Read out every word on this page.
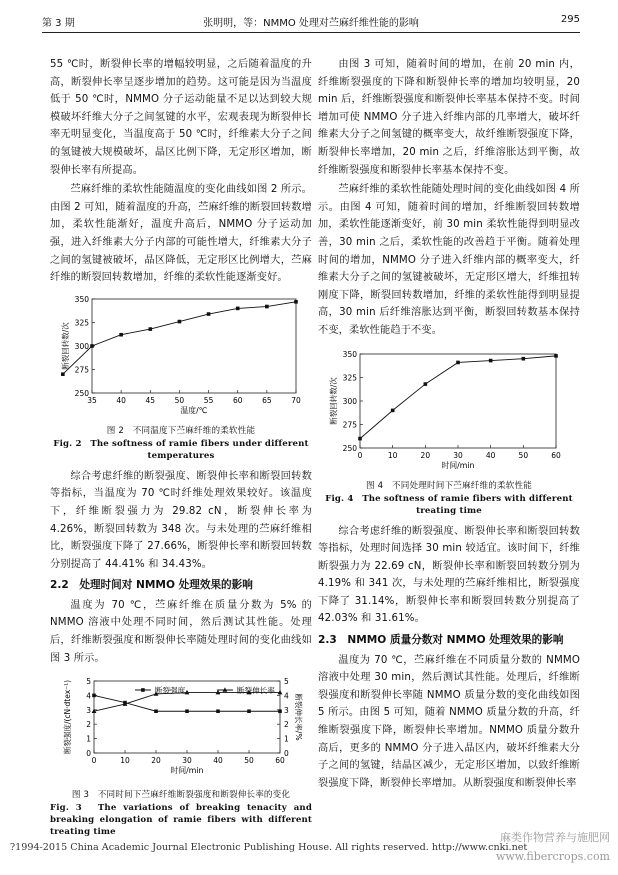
第 3 期	张明明，等：NMMO 处理对苎麻纤维性能的影响	295

55 ℃时，断裂伸长率的增幅较明显，之后随着温度的升高，断裂伸长率呈逐步增加的趋势。这可能是因为当温度低于 50 ℃时，NMMO 分子运动能量不足以达到较大规模破坏纤维大分子之间氢键的水平，宏观表现为断裂伸长率无明显变化，当温度高于 50 ℃时，纤维素大分子之间的氢键被大规模破坏，晶区比例下降，无定形区增加，断裂伸长率有所提高。

苎麻纤维的柔软性能随温度的变化曲线如图 2 所示。由图 2 可知，随着温度的升高，苎麻纤维的断裂回转数增加，柔软性能渐好，温度升高后，NMMO 分子运动加强，进入纤维素大分子内部的可能性增大，纤维素大分子之间的氢键被破坏，晶区降低，无定形区比例增大，苎麻纤维的断裂回转数增加，纤维的柔软性能逐渐变好。

35	40	45	50	55	60	65	70
250
275
300
325
350
温度/℃
断裂回转数/次

图 2　不同温度下苎麻纤维的柔软性能

Fig. 2　The softness of ramie fibers under different temperatures

综合考虑纤维的断裂强度、断裂伸长率和断裂回转数等指标，当温度为 70 ℃时纤维处理效果较好。该温度下，纤维断裂强力为 29.82 cN，断裂伸长率为 4.26%，断裂回转数为 348 次。与未处理的苎麻纤维相比，断裂强度下降了 27.66%，断裂伸长率和断裂回转数分别提高了 44.41% 和 34.43%。

2.2　处理时间对 NMMO 处理效果的影响

温度为 70 ℃，苎麻纤维在质量分数为 5% 的 NMMO 溶液中处理不同时间，然后测试其性能。处理后，纤维断裂强度和断裂伸长率随处理时间的变化曲线如图 3 所示。

0	10	20	30	40	50	60
0
1
2
3
4
5
0
1
2
3
4
5
时间/min
断裂强度/(cN·dtex⁻¹)	断裂伸长率/%
断裂强度	断裂伸长率

图 3　不同时间下苎麻纤维断裂强度和断裂伸长率的变化

Fig. 3　The variations of breaking tenacity and breaking elongation of ramie fibers with different treating time

由图 3 可知，随着时间的增加，在前 20 min 内，纤维断裂强度的下降和断裂伸长率的增加均较明显，20 min 后，纤维断裂强度和断裂伸长率基本保持不变。时间增加可使 NMMO 分子进入纤维内部的几率增大，破坏纤维素大分子之间氢键的概率变大，故纤维断裂强度下降，断裂伸长率增加，20 min 之后，纤维溶胀达到平衡，故纤维断裂强度和断裂伸长率基本保持不变。

苎麻纤维的柔软性能随处理时间的变化曲线如图 4 所示。由图 4 可知，随着时间的增加，纤维断裂回转数增加，柔软性能逐渐变好，前 30 min 柔软性能得到明显改善，30 min 之后，柔软性能的改善趋于平衡。随着处理时间的增加，NMMO 分子进入纤维内部的概率变大，纤维素大分子之间的氢键被破坏，无定形区增大，纤维扭转刚度下降，断裂回转数增加，纤维的柔软性能得到明显提高，30 min 后纤维溶胀达到平衡，断裂回转数基本保持不变，柔软性能趋于不变。

0	10	20	30	40	50	60
250
275
300
325
350
时间/min
断裂回转数/次

图 4　不同处理时间下苎麻纤维的柔软性能

Fig. 4　The softness of ramie fibers with different treating time

综合考虑纤维的断裂强度、断裂伸长率和断裂回转数等指标，处理时间选择 30 min 较适宜。该时间下，纤维断裂强力为 22.69 cN，断裂伸长率和断裂回转数分别为 4.19% 和 341 次，与未处理的苎麻纤维相比，断裂强度下降了 31.14%，断裂伸长率和断裂回转数分别提高了 42.03% 和 31.61%。

2.3　NMMO 质量分数对 NMMO 处理效果的影响

温度为 70 ℃，苎麻纤维在不同质量分数的 NMMO 溶液中处理 30 min，然后测试其性能。处理后，纤维断裂强度和断裂伸长率随 NMMO 质量分数的变化曲线如图 5 所示。由图 5 可知，随着 NMMO 质量分数的升高，纤维断裂强度下降，断裂伸长率增加。NMMO 质量分数升高后，更多的 NMMO 分子进入晶区内，破坏纤维素大分子之间的氢键，结晶区减少，无定形区增加，以致纤维断裂强度下降，断裂伸长率增加。从断裂强度和断裂伸长率

?1994-2015 China Academic Journal Electronic Publishing House. All rights reserved. http://www.cnki.net
麻类作物营养与施肥网
www.fibercrops.com
